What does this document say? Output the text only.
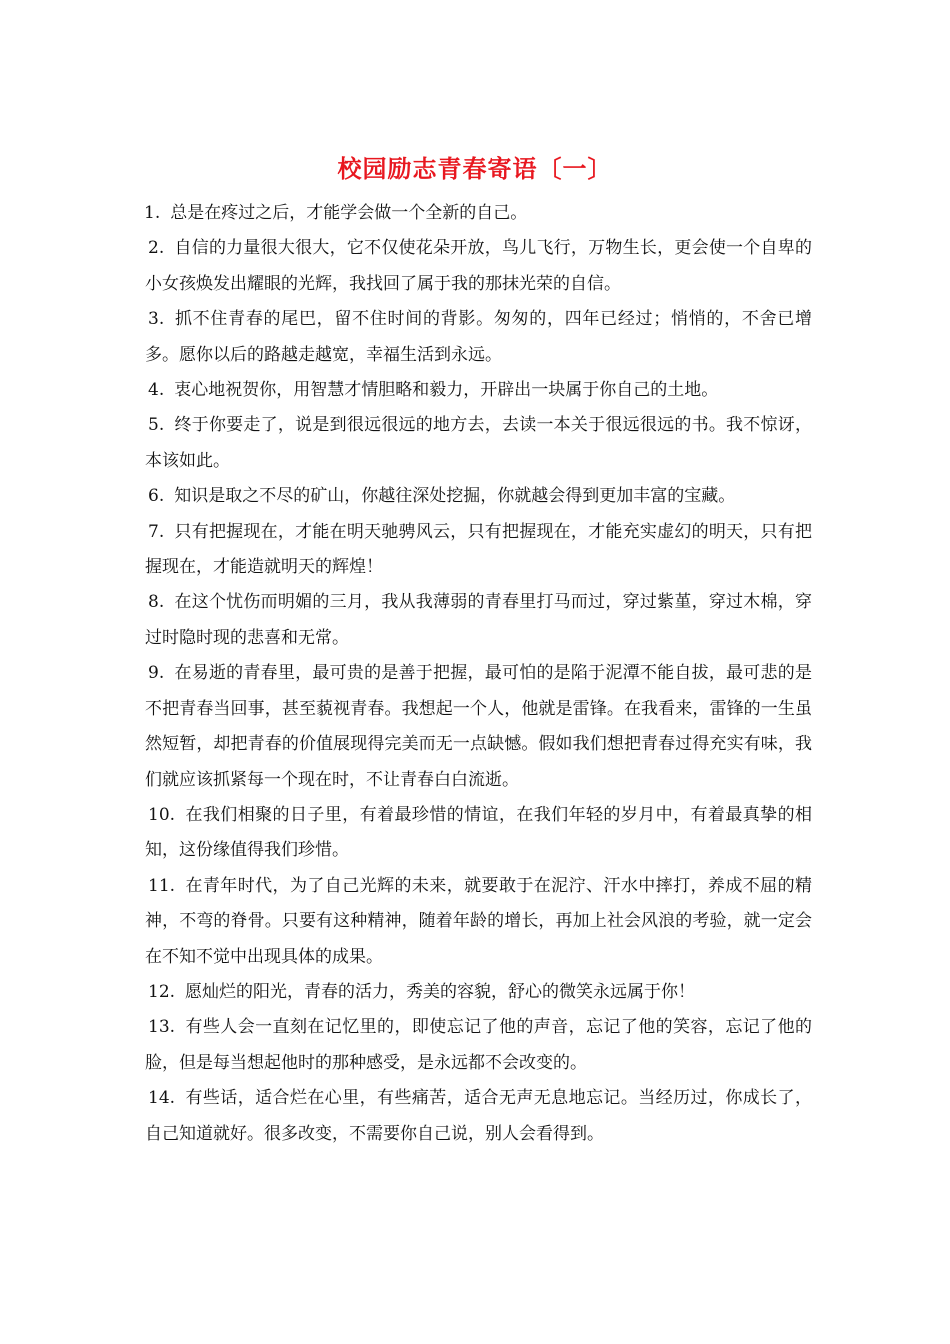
校园励志青春寄语〔一〕
1. 总是在疼过之后，才能学会做一个全新的自己。
2. 自信的力量很大很大，它不仅使花朵开放，鸟儿飞行，万物生长，更会使一个自卑的小女孩焕发出耀眼的光辉，我找回了属于我的那抹光荣的自信。
3. 抓不住青春的尾巴，留不住时间的背影。匆匆的，四年已经过；悄悄的，不舍已增多。愿你以后的路越走越宽，幸福生活到永远。
4. 衷心地祝贺你，用智慧才情胆略和毅力，开辟出一块属于你自己的土地。
5. 终于你要走了，说是到很远很远的地方去，去读一本关于很远很远的书。我不惊讶，本该如此。
6. 知识是取之不尽的矿山，你越往深处挖掘，你就越会得到更加丰富的宝藏。
7. 只有把握现在，才能在明天驰骋风云，只有把握现在，才能充实虚幻的明天，只有把握现在，才能造就明天的辉煌！
8. 在这个忧伤而明媚的三月，我从我薄弱的青春里打马而过，穿过紫堇，穿过木棉，穿过时隐时现的悲喜和无常。
9. 在易逝的青春里，最可贵的是善于把握，最可怕的是陷于泥潭不能自拔，最可悲的是不把青春当回事，甚至藐视青春。我想起一个人，他就是雷锋。在我看来，雷锋的一生虽然短暂，却把青春的价值展现得完美而无一点缺憾。假如我们想把青春过得充实有味，我们就应该抓紧每一个现在时，不让青春白白流逝。
10. 在我们相聚的日子里，有着最珍惜的情谊，在我们年轻的岁月中，有着最真挚的相知，这份缘值得我们珍惜。
11. 在青年时代，为了自己光辉的未来，就要敢于在泥泞、汗水中摔打，养成不屈的精神，不弯的脊骨。只要有这种精神，随着年龄的增长，再加上社会风浪的考验，就一定会在不知不觉中出现具体的成果。
12. 愿灿烂的阳光，青春的活力，秀美的容貌，舒心的微笑永远属于你！
13. 有些人会一直刻在记忆里的，即使忘记了他的声音，忘记了他的笑容，忘记了他的脸，但是每当想起他时的那种感受，是永远都不会改变的。
14. 有些话，适合烂在心里，有些痛苦，适合无声无息地忘记。当经历过，你成长了，自己知道就好。很多改变，不需要你自己说，别人会看得到。
